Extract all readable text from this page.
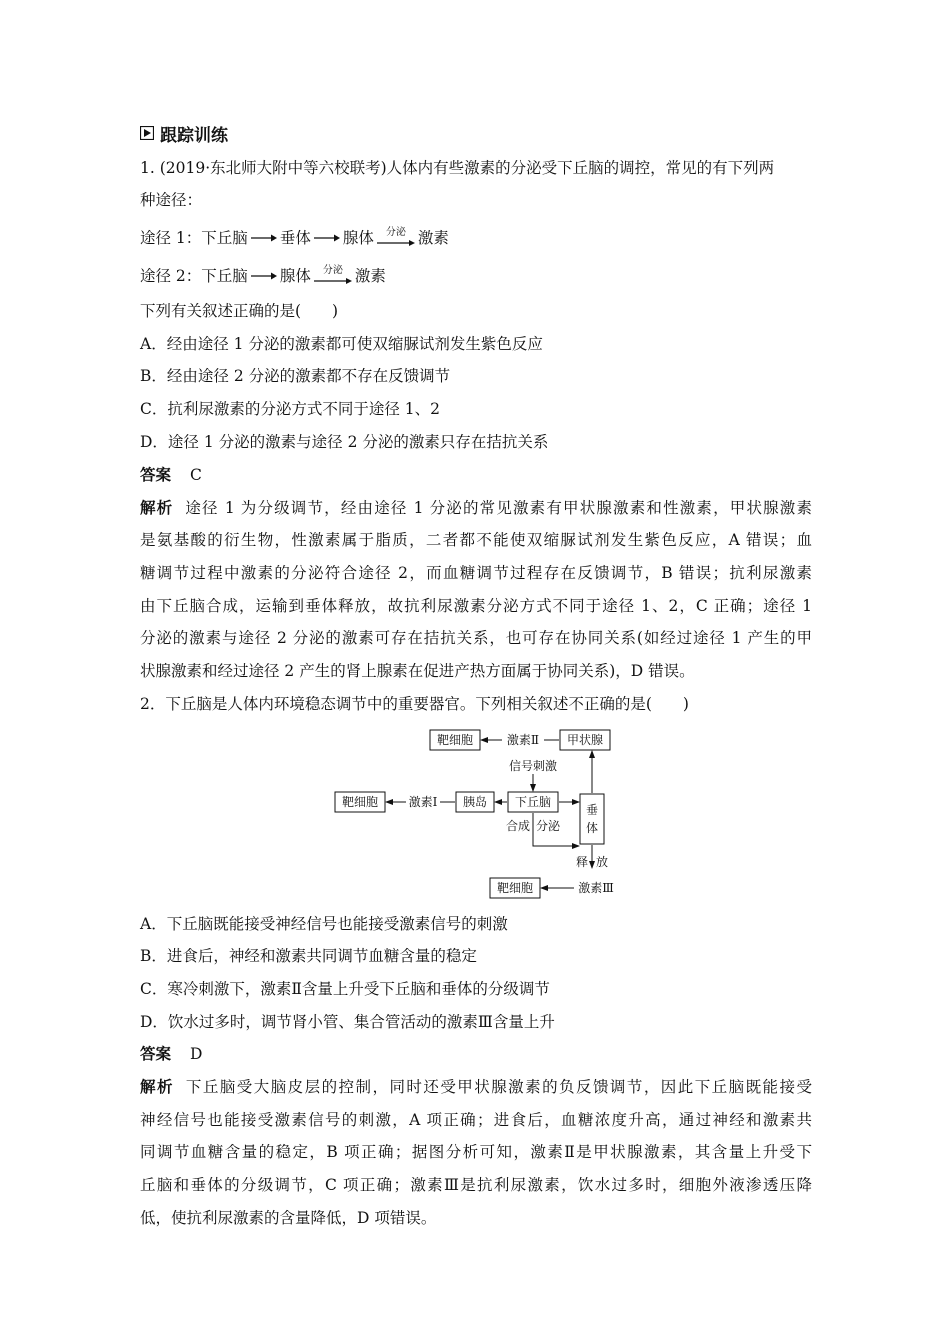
跟踪训练
1. (2019·东北师大附中等六校联考)人体内有些激素的分泌受下丘脑的调控，常见的有下列两
种途径：
途径 1： 下丘脑 垂体 腺体 分泌 激素
途径 2： 下丘脑 腺体 分泌 激素
下列有关叙述正确的是(　　)
A．经由途径 1 分泌的激素都可使双缩脲试剂发生紫色反应
B．经由途径 2 分泌的激素都不存在反馈调节
C．抗利尿激素的分泌方式不同于途径 1、2
D．途径 1 分泌的激素与途径 2 分泌的激素只存在拮抗关系
答案 C
解析 途径 1 为分级调节，经由途径 1 分泌的常见激素有甲状腺激素和性激素，甲状腺激素
是氨基酸的衍生物，性激素属于脂质，二者都不能使双缩脲试剂发生紫色反应，A 错误；血
糖调节过程中激素的分泌符合途径 2，而血糖调节过程存在反馈调节，B 错误；抗利尿激素
由下丘脑合成，运输到垂体释放，故抗利尿激素分泌方式不同于途径 1、2，C 正确；途径 1
分泌的激素与途径 2 分泌的激素可存在拮抗关系，也可存在协同关系(如经过途径 1 产生的甲
状腺激素和经过途径 2 产生的肾上腺素在促进产热方面属于协同关系)，D 错误。
2．下丘脑是人体内环境稳态调节中的重要器官。下列相关叙述不正确的是(　　)
靶细胞	激素Ⅱ 甲状腺
信号刺激
靶细胞	激素Ⅰ 胰岛 下丘脑
垂
体
合成 分泌
释 放
靶细胞	激素Ⅲ
A．下丘脑既能接受神经信号也能接受激素信号的刺激
B．进食后，神经和激素共同调节血糖含量的稳定
C．寒冷刺激下，激素Ⅱ含量上升受下丘脑和垂体的分级调节
D．饮水过多时，调节肾小管、集合管活动的激素Ⅲ含量上升
答案 D
解析 下丘脑受大脑皮层的控制，同时还受甲状腺激素的负反馈调节，因此下丘脑既能接受
神经信号也能接受激素信号的刺激，A 项正确；进食后，血糖浓度升高，通过神经和激素共
同调节血糖含量的稳定，B 项正确；据图分析可知，激素Ⅱ是甲状腺激素，其含量上升受下
丘脑和垂体的分级调节，C 项正确；激素Ⅲ是抗利尿激素，饮水过多时，细胞外液渗透压降
低，使抗利尿激素的含量降低，D 项错误。
